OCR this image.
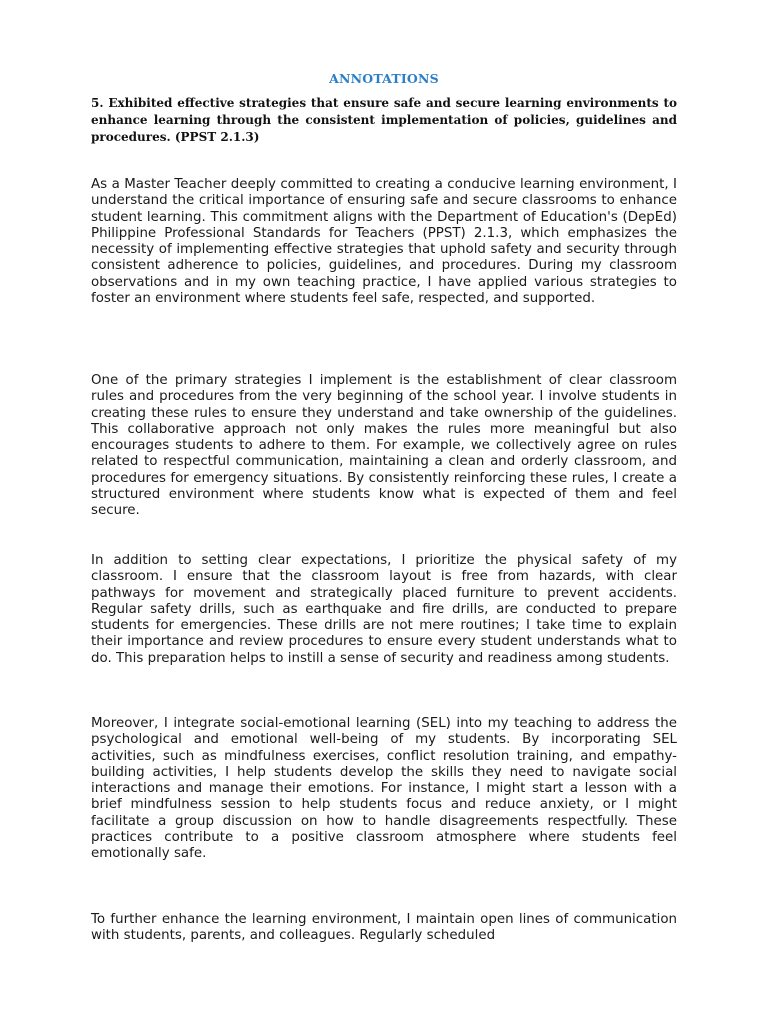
ANNOTATIONS
5. Exhibited effective strategies that ensure safe and secure learning environments to enhance learning through the consistent implementation of policies, guidelines and procedures. (PPST 2.1.3)

As a Master Teacher deeply committed to creating a conducive learning environment, I understand the critical importance of ensuring safe and secure classrooms to enhance student learning. This commitment aligns with the Department of Education's (DepEd) Philippine Professional Standards for Teachers (PPST) 2.1.3, which emphasizes the necessity of implementing effective strategies that uphold safety and security through consistent adherence to policies, guidelines, and procedures. During my classroom observations and in my own teaching practice, I have applied various strategies to foster an environment where students feel safe, respected, and supported.

One of the primary strategies I implement is the establishment of clear classroom rules and procedures from the very beginning of the school year. I involve students in creating these rules to ensure they understand and take ownership of the guidelines. This collaborative approach not only makes the rules more meaningful but also encourages students to adhere to them. For example, we collectively agree on rules related to respectful communication, maintaining a clean and orderly classroom, and procedures for emergency situations. By consistently reinforcing these rules, I create a structured environment where students know what is expected of them and feel secure.

In addition to setting clear expectations, I prioritize the physical safety of my classroom. I ensure that the classroom layout is free from hazards, with clear pathways for movement and strategically placed furniture to prevent accidents. Regular safety drills, such as earthquake and fire drills, are conducted to prepare students for emergencies. These drills are not mere routines; I take time to explain their importance and review procedures to ensure every student understands what to do. This preparation helps to instill a sense of security and readiness among students.

Moreover, I integrate social-emotional learning (SEL) into my teaching to address the psychological and emotional well-being of my students. By incorporating SEL activities, such as mindfulness exercises, conflict resolution training, and empathy-building activities, I help students develop the skills they need to navigate social interactions and manage their emotions. For instance, I might start a lesson with a brief mindfulness session to help students focus and reduce anxiety, or I might facilitate a group discussion on how to handle disagreements respectfully. These practices contribute to a positive classroom atmosphere where students feel emotionally safe.

To further enhance the learning environment, I maintain open lines of communication with students, parents, and colleagues. Regularly scheduled
